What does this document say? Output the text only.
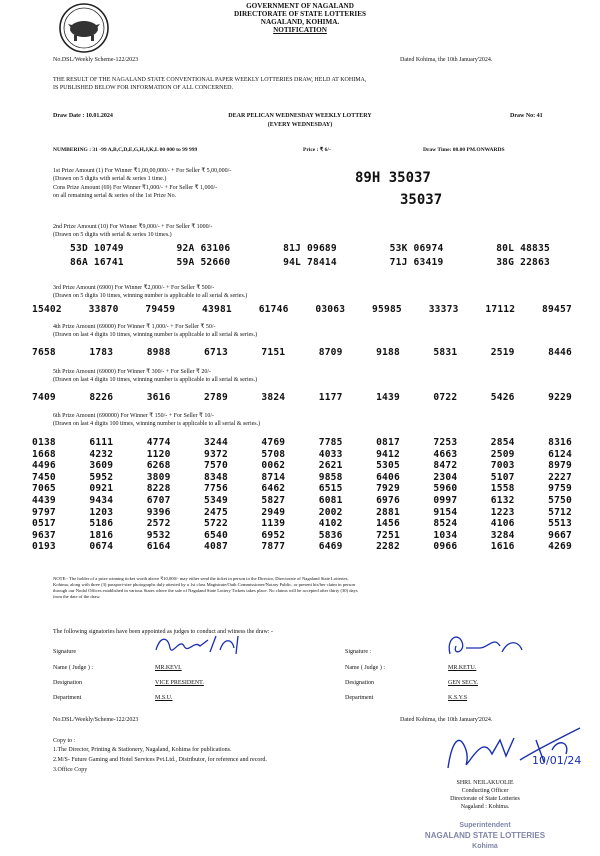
GOVERNMENT OF NAGALAND
DIRECTORATE OF STATE LOTTERIES
NAGALAND, KOHIMA.
NOTIFICATION
No.DSL/Weekly Scheme-122/2023	Dated Kohima, the 10th January'2024.
THE RESULT OF THE NAGALAND STATE CONVENTIONAL PAPER WEEKLY LOTTERIES DRAW, HELD AT KOHIMA,
IS PUBLISHED BELOW FOR INFORMATION OF ALL CONCERNED.
Draw Date : 10.01.2024	DEAR PELICAN WEDNESDAY WEEKLY LOTTERY
(EVERY WEDNESDAY)
Draw No: 41
NUMBERING : 31 -99 A,B,C,D,E,G,H,J,K,L 00 000 to 99 999	Price : ₹ 6/-	Draw Time: 08.00 PM.ONWARDS
1st Prize Amount (1) For Winner ₹1,00,00,000/- + For Seller ₹ 5,00,000/-
(Drawn on 5 digits with serial & series 1 time.)
Cons Prize Amount (69) For Winner ₹1,000/- + For Seller ₹ 1,000/-
on all remaining serial & series of the 1st Prize No.
89H 35037
35037
2nd Prize Amount (10) For Winner ₹9,000/- + For Seller ₹ 1000/-
(Drawn on 5 digits with serial & series 10 times.)
53D 10749	92A 63106	81J 09689	53K 06974	80L 48835
86A 16741	59A 52660	94L 78414	71J 63419	38G 22863
3rd Prize Amount (6900) For Winner ₹2,000/- + For Seller ₹ 500/-
(Drawn on 5 digits 10 times, winning number is applicable to all serial & series.)
15402	33870	79459	43981	61746	03063	95985	33373	17112	89457
4th Prize Amount (69000) For Winner ₹ 1,000/- + For Seller ₹ 50/-
(Drawn on last 4 digits 10 times, winning number is applicable to all serial & series.)
7658	1783	8988	6713	7151	8709	9188	5831	2519	8446
5th Prize Amount (69000) For Winner ₹ 300/- + For Seller ₹ 20/-
(Drawn on last 4 digits 10 times, winning number is applicable to all serial & series.)
7409	8226	3616	2789	3824	1177	1439	0722	5426	9229
6th Prize Amount (690000) For Winner ₹ 150/- + For Seller ₹ 10/-
(Drawn on last 4 digits 100 times, winning number is applicable to all serial & series.)
0138	6111	4774	3244	4769	7785	0817	7253	2854	8316
1668	4232	1120	9372	5708	4033	9412	4663	2509	6124
4496	3609	6268	7570	0062	2621	5305	8472	7003	8979
7450	5952	3809	8348	8714	9858	6406	2304	5107	2227
7065	0921	8228	7756	6462	6515	7929	5960	1558	9759
4439	9434	6707	5349	5827	6081	6976	0997	6132	5750
9797	1203	9396	2475	2949	2002	2881	9154	1223	5712
0517	5186	2572	5722	1139	4102	1456	8524	4106	5513
9637	1816	9532	6540	6952	5836	7251	1034	3284	9667
0193	0674	6164	4087	7877	6469	2282	0966	1616	4269
NOTE:- The holder of a prize winning ticket worth above ₹10,000/- may either send the ticket in person to the Director, Directorate of Nagaland State Lotteries,
Kohima, along with three (3) passport-size photographs duly attested by a 1st class Magistrate/Oath Commissioner/Notary Public, or present his/her claim in person
through our Nodal Offices established in various States where the sale of Nagaland State Lottery Tickets takes place. No claims will be accepted after thirty (30) days
from the date of the draw.
The following signatories have been appointed as judges to conduct and witness the draw: -
Signature
Name ( Judge ) :	MR.KEVI.
Designation	VICE PRESIDENT.
Department	M.S.U.
Signature :
Name ( Judge ) :	MR.KETU.
Designation	GEN SECY.
Department	K.S.Y.S
No.DSL/Weekly/Scheme-122/2023	Dated Kohima, the 10th January'2024.
Copy to :
1.The Director, Printing & Stationery, Nagaland, Kohima for publications.
2.M/S- Future Gaming and Hotel Services Pvt.Ltd., Distributor, for reference and record.
3.Office Copy
10/01/24
SHRI. NEILAKUOLIE
Conducting Officer
Directorate of State Lotteries
Nagaland : Kohima.
Superintendent
NAGALAND STATE LOTTERIES
Kohima
